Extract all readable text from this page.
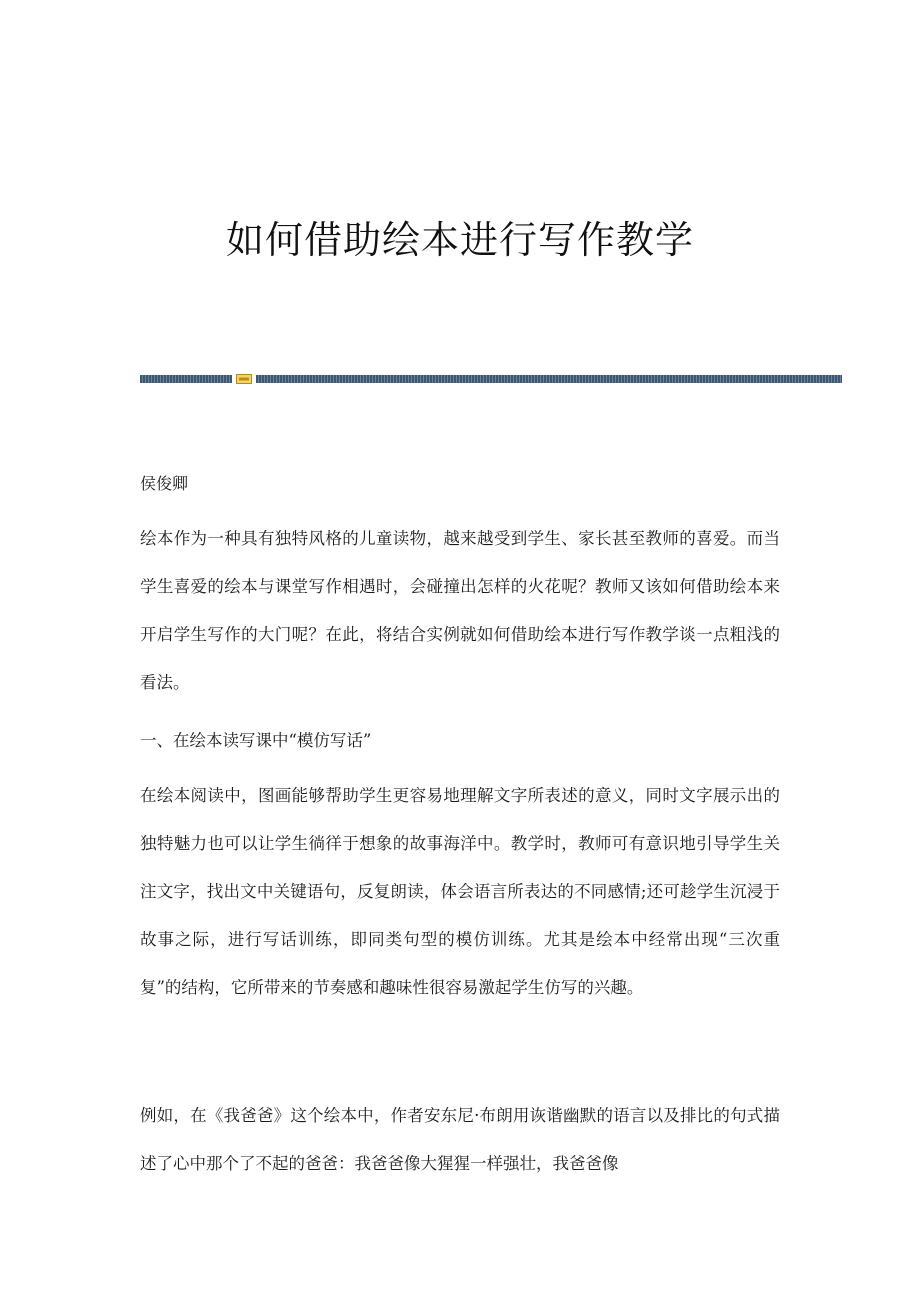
如何借助绘本进行写作教学
侯俊卿
绘本作为一种具有独特风格的儿童读物，越来越受到学生、家长甚至教师的喜爱。而当学生喜爱的绘本与课堂写作相遇时，会碰撞出怎样的火花呢？教师又该如何借助绘本来开启学生写作的大门呢？在此，将结合实例就如何借助绘本进行写作教学谈一点粗浅的看法。
一、在绘本读写课中“模仿写话”
在绘本阅读中，图画能够帮助学生更容易地理解文字所表述的意义，同时文字展示出的独特魅力也可以让学生徜徉于想象的故事海洋中。教学时，教师可有意识地引导学生关注文字，找出文中关键语句，反复朗读，体会语言所表达的不同感情;还可趁学生沉浸于故事之际，进行写话训练，即同类句型的模仿训练。尤其是绘本中经常出现“三次重复”的结构，它所带来的节奏感和趣味性很容易激起学生仿写的兴趣。
例如，在《我爸爸》这个绘本中，作者安东尼·布朗用诙谐幽默的语言以及排比的句式描述了心中那个了不起的爸爸：我爸爸像大猩猩一样强壮，我爸爸像
